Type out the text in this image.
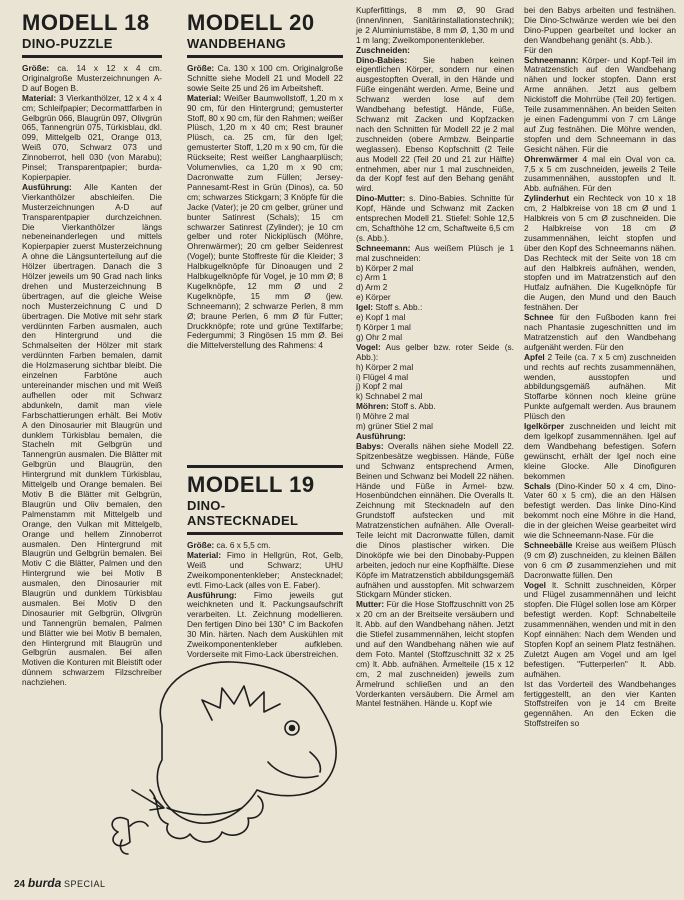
MODELL 18
DINO-PUZZLE

Größe: ca. 14 x 12 x 4 cm. Originalgroße Musterzeichnungen A-D auf Bogen B.

Material: 3 Vierkanthölzer, 12 x 4 x 4 cm; Schleifpapier; Decormattfarben in Gelbgrün 066, Blaugrün 097, Olivgrün 065, Tannengrün 075, Türkisblau, dkl. 099, Mittelgelb 021, Orange 013, Weiß 070, Schwarz 073 und Zinnoberrot, hell 030 (von Marabu); Pinsel; Transparentpapier; burda-Kopierpapier.

Ausführung: Alle Kanten der Vierkanthölzer abschleifen. Die Musterzeichnungen A-D auf Transparentpapier durchzeichnen. Die Vierkanthölzer längs nebeneinanderlegen und mittels Kopierpapier zuerst Musterzeichnung A ohne die Längsunterteilung auf die Hölzer übertragen. Danach die 3 Hölzer jeweils um 90 Grad nach links drehen und Musterzeichnung B übertragen, auf die gleiche Weise noch Musterzeichnung C und D übertragen. Die Motive mit sehr stark verdünnten Farben ausmalen, auch den Hintergrund und die Schmalseiten der Hölzer mit stark verdünnten Farben bemalen, damit die Holzmaserung sichtbar bleibt. Die einzelnen Farbtöne auch untereinander mischen und mit Weiß aufhellen oder mit Schwarz abdunkeln, damit man viele Farbschattierungen erhält. Bei Motiv A den Dinosaurier mit Blaugrün und dunklem Türkisblau bemalen, die Stacheln mit Gelbgrün und Tannengrün ausmalen. Die Blätter mit Gelbgrün und Blaugrün, den Hintergrund mit dunklem Türkisblau, Mittelgelb und Orange bemalen. Bei Motiv B die Blätter mit Gelbgrün, Blaugrün und Oliv bemalen, den Palmenstamm mit Mittelgelb und Orange, den Vulkan mit Mittelgelb, Orange und hellem Zinnoberrot ausmalen. Den Hintergrund mit Blaugrün und Gelbgrün bemalen. Bei Motiv C die Blätter, Palmen und den Hintergrund wie bei Motiv B ausmalen, den Dinosaurier mit Blaugrün und dunklem Türkisblau ausmalen. Bei Motiv D den Dinosaurier mit Gelbgrün, Olivgrün und Tannengrün bemalen, Palmen und Blätter wie bei Motiv B bemalen, den Hintergrund mit Blaugrün und Gelbgrün ausmalen. Bei allen Motiven die Konturen mit Bleistift oder dünnem schwarzem Filzschreiber nachziehen.

MODELL 20
WANDBEHANG

Größe: Ca. 130 x 100 cm. Originalgroße Schnitte siehe Modell 21 und Modell 22 sowie Seite 25 und 26 im Arbeitsheft.

Material: Weißer Baumwollstoff, 1,20 m x 90 cm, für den Hintergrund; gemusterter Stoff, 80 x 90 cm, für den Rahmen; weißer Plüsch, 1,20 m x 40 cm; Rest brauner Plüsch, ca. 25 cm, für den Igel; gemusterter Stoff, 1,20 m x 90 cm, für die Rückseite; Rest weißer Langhaarplüsch; Volumenvlies, ca 1,20 m x 90 cm; Dacronwatte zum Füllen; Jersey-Pannesamt-Rest in Grün (Dinos), ca. 50 cm; schwarzes Stickgarn; 3 Knöpfe für die Jacke (Vater); je 20 cm gelber, grüner und bunter Satinrest (Schals); 15 cm schwarzer Satinrest (Zylinder); je 10 cm gelber und roter Nickiplüsch (Möhre, Ohrenwärmer); 20 cm gelber Seidenrest (Vogel); bunte Stoffreste für die Kleider; 3 Halbkugelknöpfe für Dinoaugen und 2 Halbkugelknöpfe für Vogel, je 10 mm Ø; 8 Kugelknöpfe, 12 mm Ø und 2 Kugelknöpfe, 15 mm Ø (jew. Schneemann); 2 schwarze Perlen, 8 mm Ø; braune Perlen, 6 mm Ø für Futter; Druckknöpfe; rote und grüne Textilfarbe; Federgummi; 3 Ringösen 15 mm Ø. Bei die Mittelverstellung des Rahmens: 4

MODELL 19
DINO-
ANSTECKNADEL

Größe: ca. 6 x 5,5 cm.

Material: Fimo in Hellgrün, Rot, Gelb, Weiß und Schwarz; UHU Zweikomponentenkleber; Anstecknadel; evtl. Fimo-Lack (alles von E. Faber).

Ausführung: Fimo jeweils gut weichkneten und lt. Packungsaufschrift verarbeiten. Lt. Zeichnung modellieren. Den fertigen Dino bei 130° C im Backofen 30 Min. härten. Nach dem Auskühlen mit Zweikomponentenkleber aufkleben. Vorderseite mit Fimo-Lack überstreichen.

Kupferfittings, 8 mm Ø, 90 Grad (innen/innen, Sanitärinstallationstechnik); je 2 Aluminiumstäbe, 8 mm Ø, 1,30 m und 1 m lang; Zweikomponentenkleber.

Zuschneiden:

Dino-Babies: Sie haben keinen eigentlichen Körper, sondern nur einen ausgestopften Overall, in den Hände und Füße eingenäht werden. Arme, Beine und Schwanz werden lose auf dem Wandbehang befestigt. Hände, Füße, Schwanz mit Zacken und Kopfzacken nach den Schnitten für Modell 22 je 2 mal zuschneiden (obere Armbzw. Beinpartie weglassen). Ebenso Kopfschnitt (2 Teile aus Modell 22 (Teil 20 und 21 zur Hälfte) entnehmen, aber nur 1 mal zuschneiden, da der Kopf fest auf den Behang genäht wird.

Dino-Mutter: s. Dino-Babies. Schnitte für Kopf, Hände und Schwanz mit Zacken entsprechen Modell 21. Stiefel: Sohle 12,5 cm, Schafthöhe 12 cm, Schaftweite 6,5 cm (s. Abb.).

Schneemann: Aus weißem Plüsch je 1 mal zuschneiden:

b) Körper 2 mal

c) Arm 1

d) Arm 2

e) Körper

Igel: Stoff s. Abb.:

e) Kopf 1 mal

f) Körper 1 mal

g) Ohr 2 mal

Vogel: Aus gelber bzw. roter Seide (s. Abb.):

h) Körper 2 mal

i) Flügel 4 mal

j) Kopf 2 mal

k) Schnabel 2 mal

Möhren: Stoff s. Abb.

l) Möhre 2 mal

m) grüner Stiel 2 mal

Ausführung:

Babys: Overalls nähen siehe Modell 22. Spitzenbesätze wegbissen. Hände, Füße und Schwanz entsprechend Armen, Beinen und Schwanz bei Modell 22 nähen. Hände und Füße in Ärmel- bzw. Hosenbündchen einnähen. Die Overalls lt. Zeichnung mit Stecknadeln auf den Grundstoff aufstecken und mit Matratzenstichen aufnähen. Alle Overall-Teile leicht mit Dacronwatte füllen, damit die Dinos plastischer wirken. Die Dinoköpfe wie bei den Dinobaby-Puppen arbeiten, jedoch nur eine Kopfhälfte. Diese Köpfe im Matratzenstich abbildungsgemäß aufnähen und ausstopfen. Mit schwarzem Stickgarn Münder sticken.

Mutter: Für die Hose Stoffzuschnitt von 25 x 20 cm an der Breitseite versäubern und lt. Abb. auf den Wandbehang nähen. Jetzt die Stiefel zusammennähen, leicht stopfen und auf den Wandbehang nähen wie auf dem Foto. Mantel (Stoffzuschnitt 32 x 25 cm) lt. Abb. aufnähen. Ärmelteile (15 x 12 cm, 2 mal zuschneiden) jeweils zum Ärmelrund schließen und an den Vorderkanten versäubern. Die Ärmel am Mantel festnähen. Hände u. Kopf wie

bei den Babys arbeiten und festnähen. Die Dino-Schwänze werden wie bei den Dino-Puppen gearbeitet und locker an den Wandbehang genäht (s. Abb.).

Für den

Schneemann: Körper- und Kopf-Teil im Matratzenstich auf den Wandbehang nähen und locker stopfen. Dann erst Arme annähen. Jetzt aus gelbem Nickistoff die Mohrrübe (Teil 20) fertigen. Teile zusammennähen. An beiden Seiten je einen Fadengummi von 7 cm Länge auf Zug festnähen. Die Möhre wenden, stopfen und dem Schneemann in das Gesicht nähen. Für die

Ohrenwärmer 4 mal ein Oval von ca. 7,5 x 5 cm zuschneiden, jeweils 2 Teile zusammennähen, ausstopfen und lt. Abb. aufnähen. Für den

Zylinderhut ein Rechteck von 10 x 18 cm, 2 Halbkreise von 18 cm Ø und 1 Halbkreis von 5 cm Ø zuschneiden. Die 2 Halbkreise von 18 cm Ø zusammennähen, leicht stopfen und über den Kopf des Schneemanns nähen. Das Rechteck mit der Seite von 18 cm auf den Halbkreis aufnähen, wenden, stopfen und im Matratzenstich auf den Hutfalz aufnähen. Die Kugelknöpfe für die Augen, den Mund und den Bauch festnähen. Der

Schnee für den Fußboden kann frei nach Phantasie zugeschnitten und im Matratzenstich auf den Wandbehang aufgenäht werden. Für den

Apfel 2 Teile (ca. 7 x 5 cm) zuschneiden und rechts auf rechts zusammennähen, wenden, ausstopfen und abbildungsgemäß aufnähen. Mit Stoffarbe können noch kleine grüne Punkte aufgemalt werden. Aus braunem Plüsch den

Igelkörper zuschneiden und leicht mit dem Igelkopf zusammennähen. Igel auf dem Wandbehang befestigen. Sofern gewünscht, erhält der Igel noch eine kleine Glocke. Alle Dinofiguren bekommen

Schals (Dino-Kinder 50 x 4 cm, Dino-Vater 60 x 5 cm), die an den Hälsen befestigt werden. Das linke Dino-Kind bekommt noch eine Möhre in die Hand, die in der gleichen Weise gearbeitet wird wie die Schneemann-Nase. Für die

Schneebälle Kreise aus weißem Plüsch (9 cm Ø) zuschneiden, zu kleinen Bällen von 6 cm Ø zusammenziehen und mit Dacronwatte füllen. Den

Vogel lt. Schnitt zuschneiden, Körper und Flügel zusammennähen und leicht stopfen. Die Flügel sollen lose am Körper befestigt werden. Kopf: Schnabelteile zusammennähen, wenden und mit in den Kopf einnähen: Nach dem Wenden und Stopfen Kopf an seinem Platz festnähen. Zuletzt Augen am Vogel und am Igel befestigen. "Futterperlen" lt. Abb. aufnähen.

Ist das Vorderteil des Wandbehanges fertiggestellt, an den vier Kanten Stoffstreifen von je 14 cm Breite gegennähen. An den Ecken die Stoffstreifen so

24 burda SPECIAL
